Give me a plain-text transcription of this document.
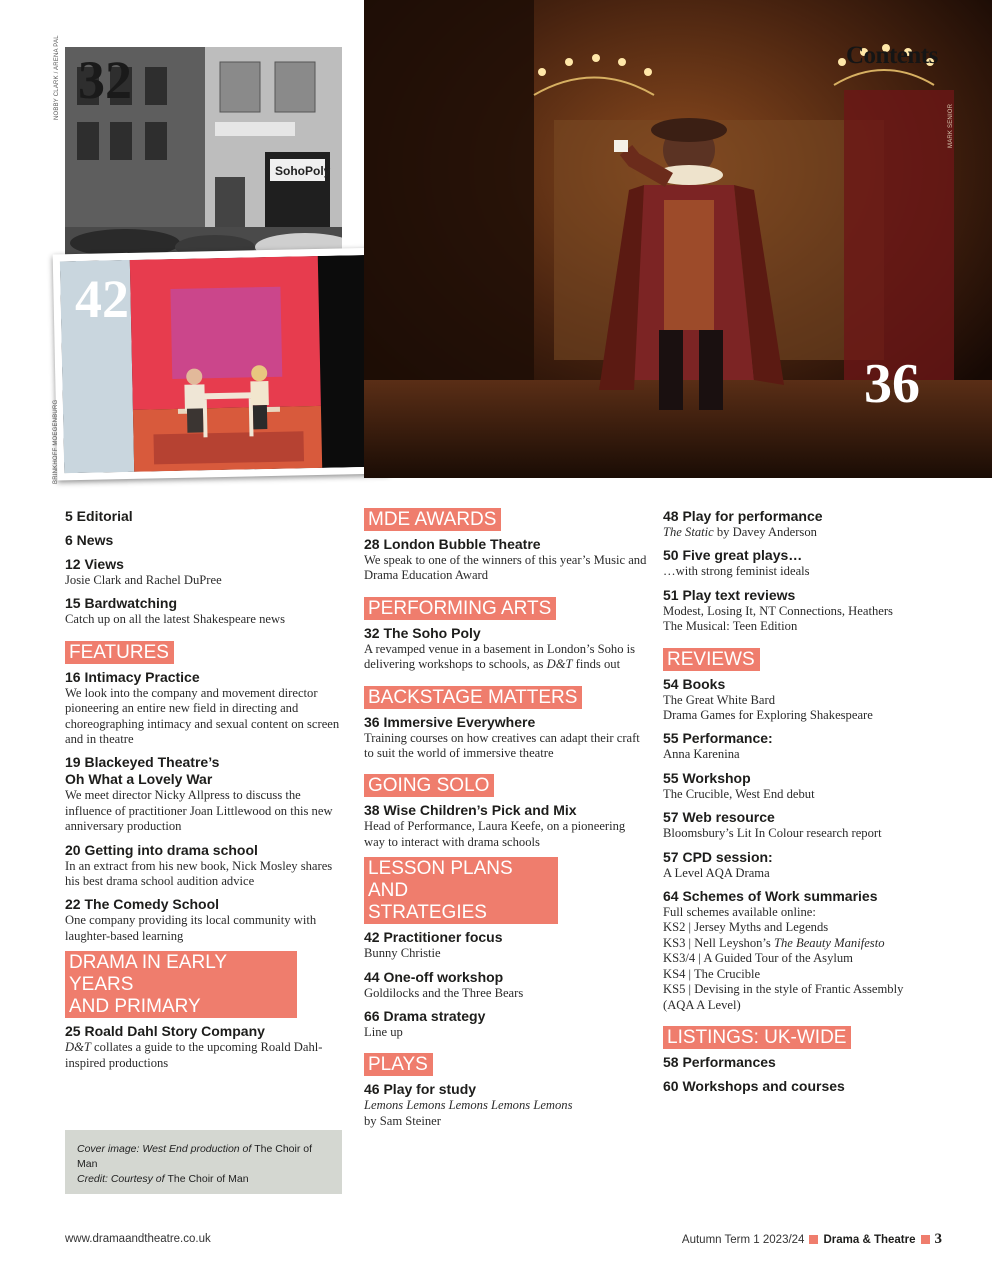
SohoPoly
32
NOBBY CLARK / ARENA PAL
42
BRINKHOFF MOEGENBURG
36
Contents
MARK SENIOR
5 Editorial
6 News
12 Views
Josie Clark and Rachel DuPree
15 Bardwatching
Catch up on all the latest Shakespeare news
FEATURES
16 Intimacy Practice
We look into the company and movement director pioneering an entire new field in directing and choreographing intimacy and sexual content on screen and in theatre
19 Blackeyed Theatre’s
Oh What a Lovely War
We meet director Nicky Allpress to discuss the influence of practitioner Joan Littlewood on this new anniversary production
20 Getting into drama school
In an extract from his new book, Nick Mosley shares his best drama school audition advice
22 The Comedy School
One company providing its local community with laughter-based learning
DRAMA IN EARLY YEARS
AND PRIMARY
25 Roald Dahl Story Company
D&T collates a guide to the upcoming Roald Dahl-inspired productions
MDE AWARDS
28 London Bubble Theatre
We speak to one of the winners of this year’s Music and Drama Education Award
PERFORMING ARTS
32 The Soho Poly
A revamped venue in a basement in London’s Soho is delivering workshops to schools, as D&T finds out
BACKSTAGE MATTERS
36 Immersive Everywhere
Training courses on how creatives can adapt their craft to suit the world of immersive theatre
GOING SOLO
38 Wise Children’s Pick and Mix
Head of Performance, Laura Keefe, on a pioneering way to interact with drama schools
LESSON PLANS AND
STRATEGIES
42 Practitioner focus
Bunny Christie
44 One-off workshop
Goldilocks and the Three Bears
66 Drama strategy
Line up
PLAYS
46 Play for study
Lemons Lemons Lemons Lemons Lemons
by Sam Steiner
48 Play for performance
The Static by Davey Anderson
50 Five great plays…
…with strong feminist ideals
51 Play text reviews
Modest, Losing It, NT Connections, Heathers
The Musical: Teen Edition
REVIEWS
54 Books
The Great White Bard
Drama Games for Exploring Shakespeare
55 Performance:
Anna Karenina
55 Workshop
The Crucible, West End debut
57 Web resource
Bloomsbury’s Lit In Colour research report
57 CPD session:
A Level AQA Drama
64 Schemes of Work summaries
Full schemes available online:
KS2 | Jersey Myths and Legends
KS3 | Nell Leyshon’s The Beauty Manifesto
KS3/4 | A Guided Tour of the Asylum
KS4 | The Crucible
KS5 | Devising in the style of Frantic Assembly
(AQA A Level)
LISTINGS: UK-WIDE
58 Performances
60 Workshops and courses
Cover image: West End production of The Choir of Man
Credit: Courtesy of The Choir of Man
www.dramaandtheatre.co.uk	Autumn Term 1 2023/24 Drama & Theatre 3
